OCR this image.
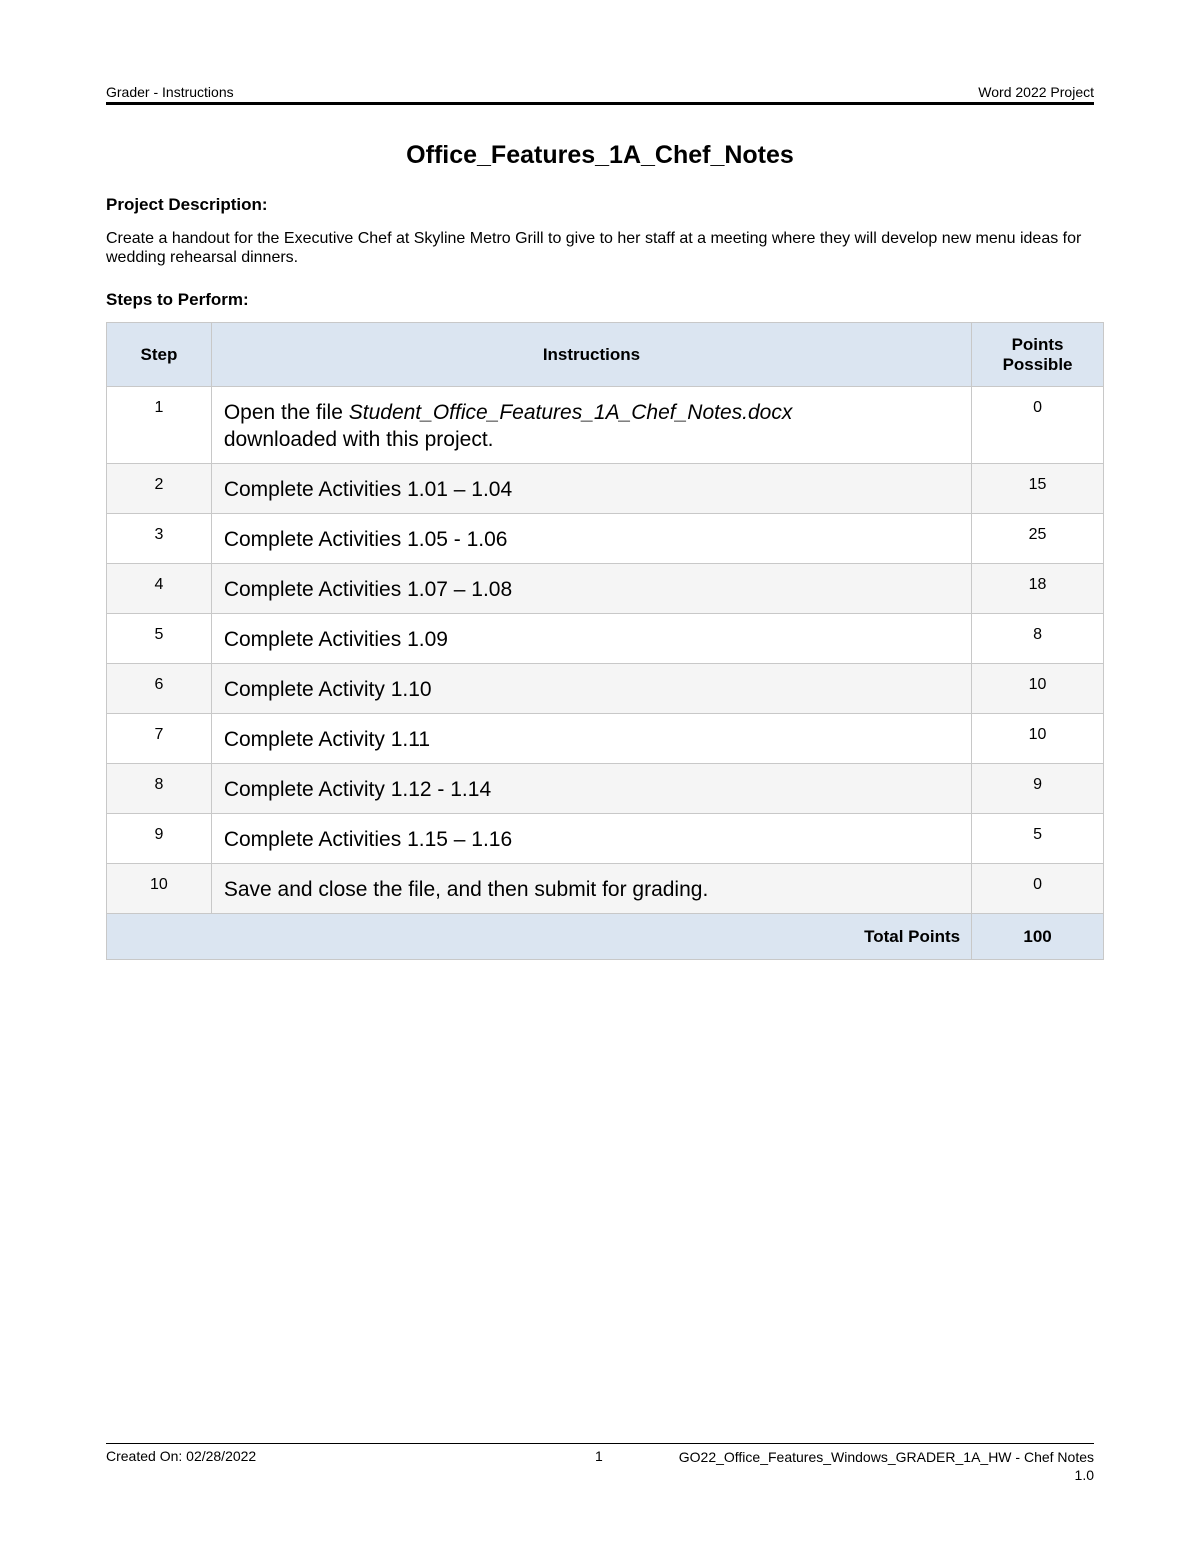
Grader - Instructions	Word 2022 Project
Office_Features_1A_Chef_Notes
Project Description:
Create a handout for the Executive Chef at Skyline Metro Grill to give to her staff at a meeting where they will develop new menu ideas for wedding rehearsal dinners.
Steps to Perform:
Step	Instructions	Points Possible

1	Open the file Student_Office_Features_1A_Chef_Notes.docx
downloaded with this project.	0
2	Complete Activities 1.01 – 1.04	15
3	Complete Activities 1.05 - 1.06	25
4	Complete Activities 1.07 – 1.08	18
5	Complete Activities 1.09	8
6	Complete Activity 1.10	10
7	Complete Activity 1.11	10
8	Complete Activity 1.12 - 1.14	9
9	Complete Activities 1.15 – 1.16	5
10	Save and close the file, and then submit for grading.	0
Total Points		100
Created On: 02/28/2022	1	GO22_Office_Features_Windows_GRADER_1A_HW - Chef Notes
1.0
